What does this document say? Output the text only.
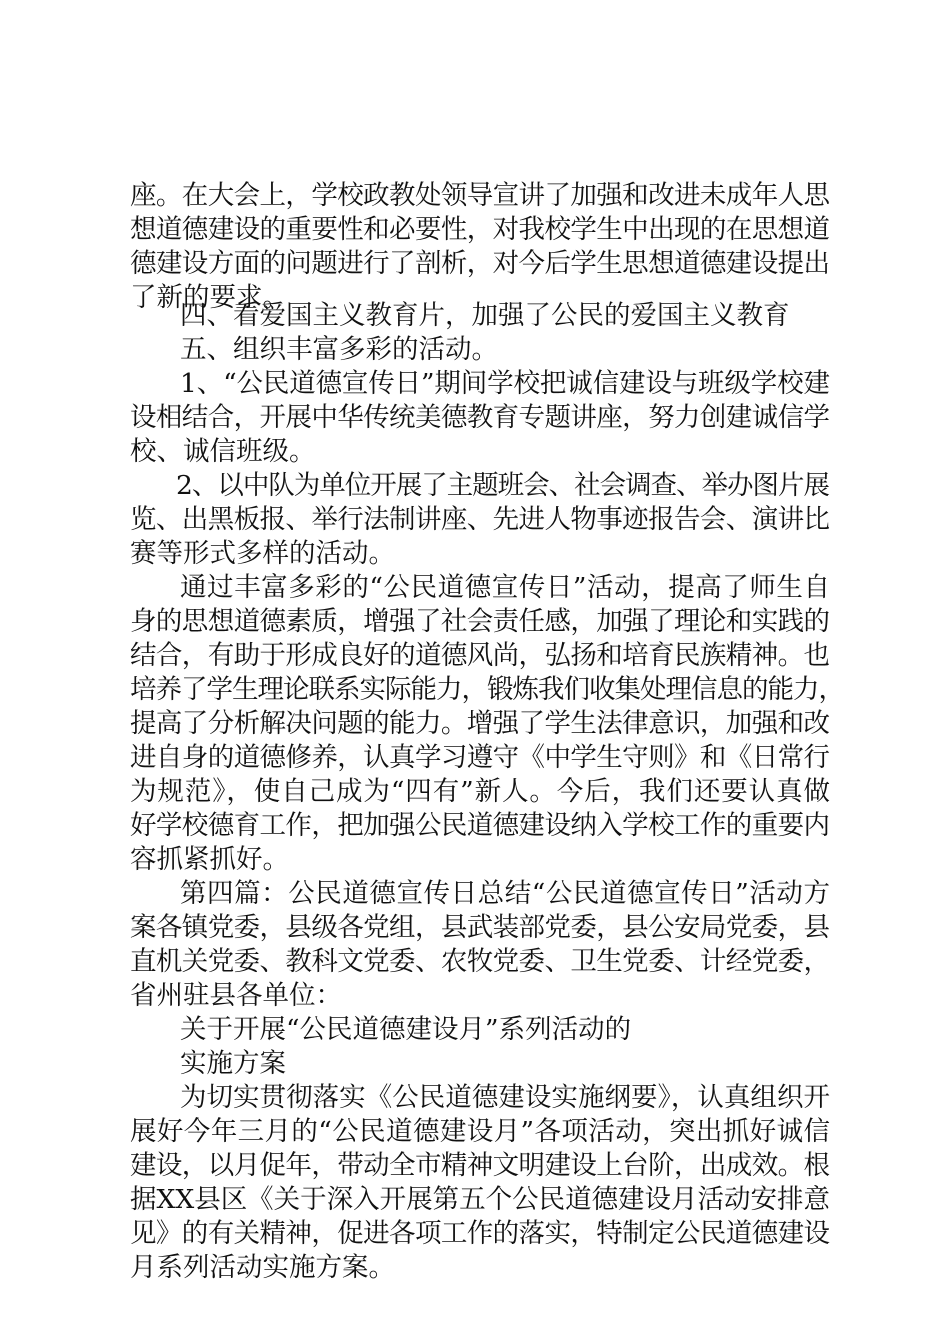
座。在大会上，学校政教处领导宣讲了加强和改进未成年人思
想道德建设的重要性和必要性，对我校学生中出现的在思想道
德建设方面的问题进行了剖析，对今后学生思想道德建设提出
了新的要求。
四、看爱国主义教育片，加强了公民的爱国主义教育
五、组织丰富多彩的活动。
1、“公民道德宣传日”期间学校把诚信建设与班级学校建
设相结合，开展中华传统美德教育专题讲座，努力创建诚信学
校、诚信班级。
2、以中队为单位开展了主题班会、社会调查、举办图片展
览、出黑板报、举行法制讲座、先进人物事迹报告会、演讲比
赛等形式多样的活动。
通过丰富多彩的“公民道德宣传日”活动，提高了师生自
身的思想道德素质，增强了社会责任感，加强了理论和实践的
结合，有助于形成良好的道德风尚，弘扬和培育民族精神。也
培养了学生理论联系实际能力，锻炼我们收集处理信息的能力，
提高了分析解决问题的能力。增强了学生法律意识，加强和改
进自身的道德修养，认真学习遵守《中学生守则》和《日常行
为规范》，使自己成为“四有”新人。今后，我们还要认真做
好学校德育工作，把加强公民道德建设纳入学校工作的重要内
容抓紧抓好。
第四篇：公民道德宣传日总结“公民道德宣传日”活动方
案各镇党委，县级各党组，县武装部党委，县公安局党委，县
直机关党委、教科文党委、农牧党委、卫生党委、计经党委，
省州驻县各单位：
关于开展“公民道德建设月”系列活动的
实施方案
为切实贯彻落实《公民道德建设实施纲要》，认真组织开
展好今年三月的“公民道德建设月”各项活动，突出抓好诚信
建设，以月促年，带动全市精神文明建设上台阶，出成效。根
据XX县区《关于深入开展第五个公民道德建设月活动安排意
见》的有关精神，促进各项工作的落实，特制定公民道德建设
月系列活动实施方案。
